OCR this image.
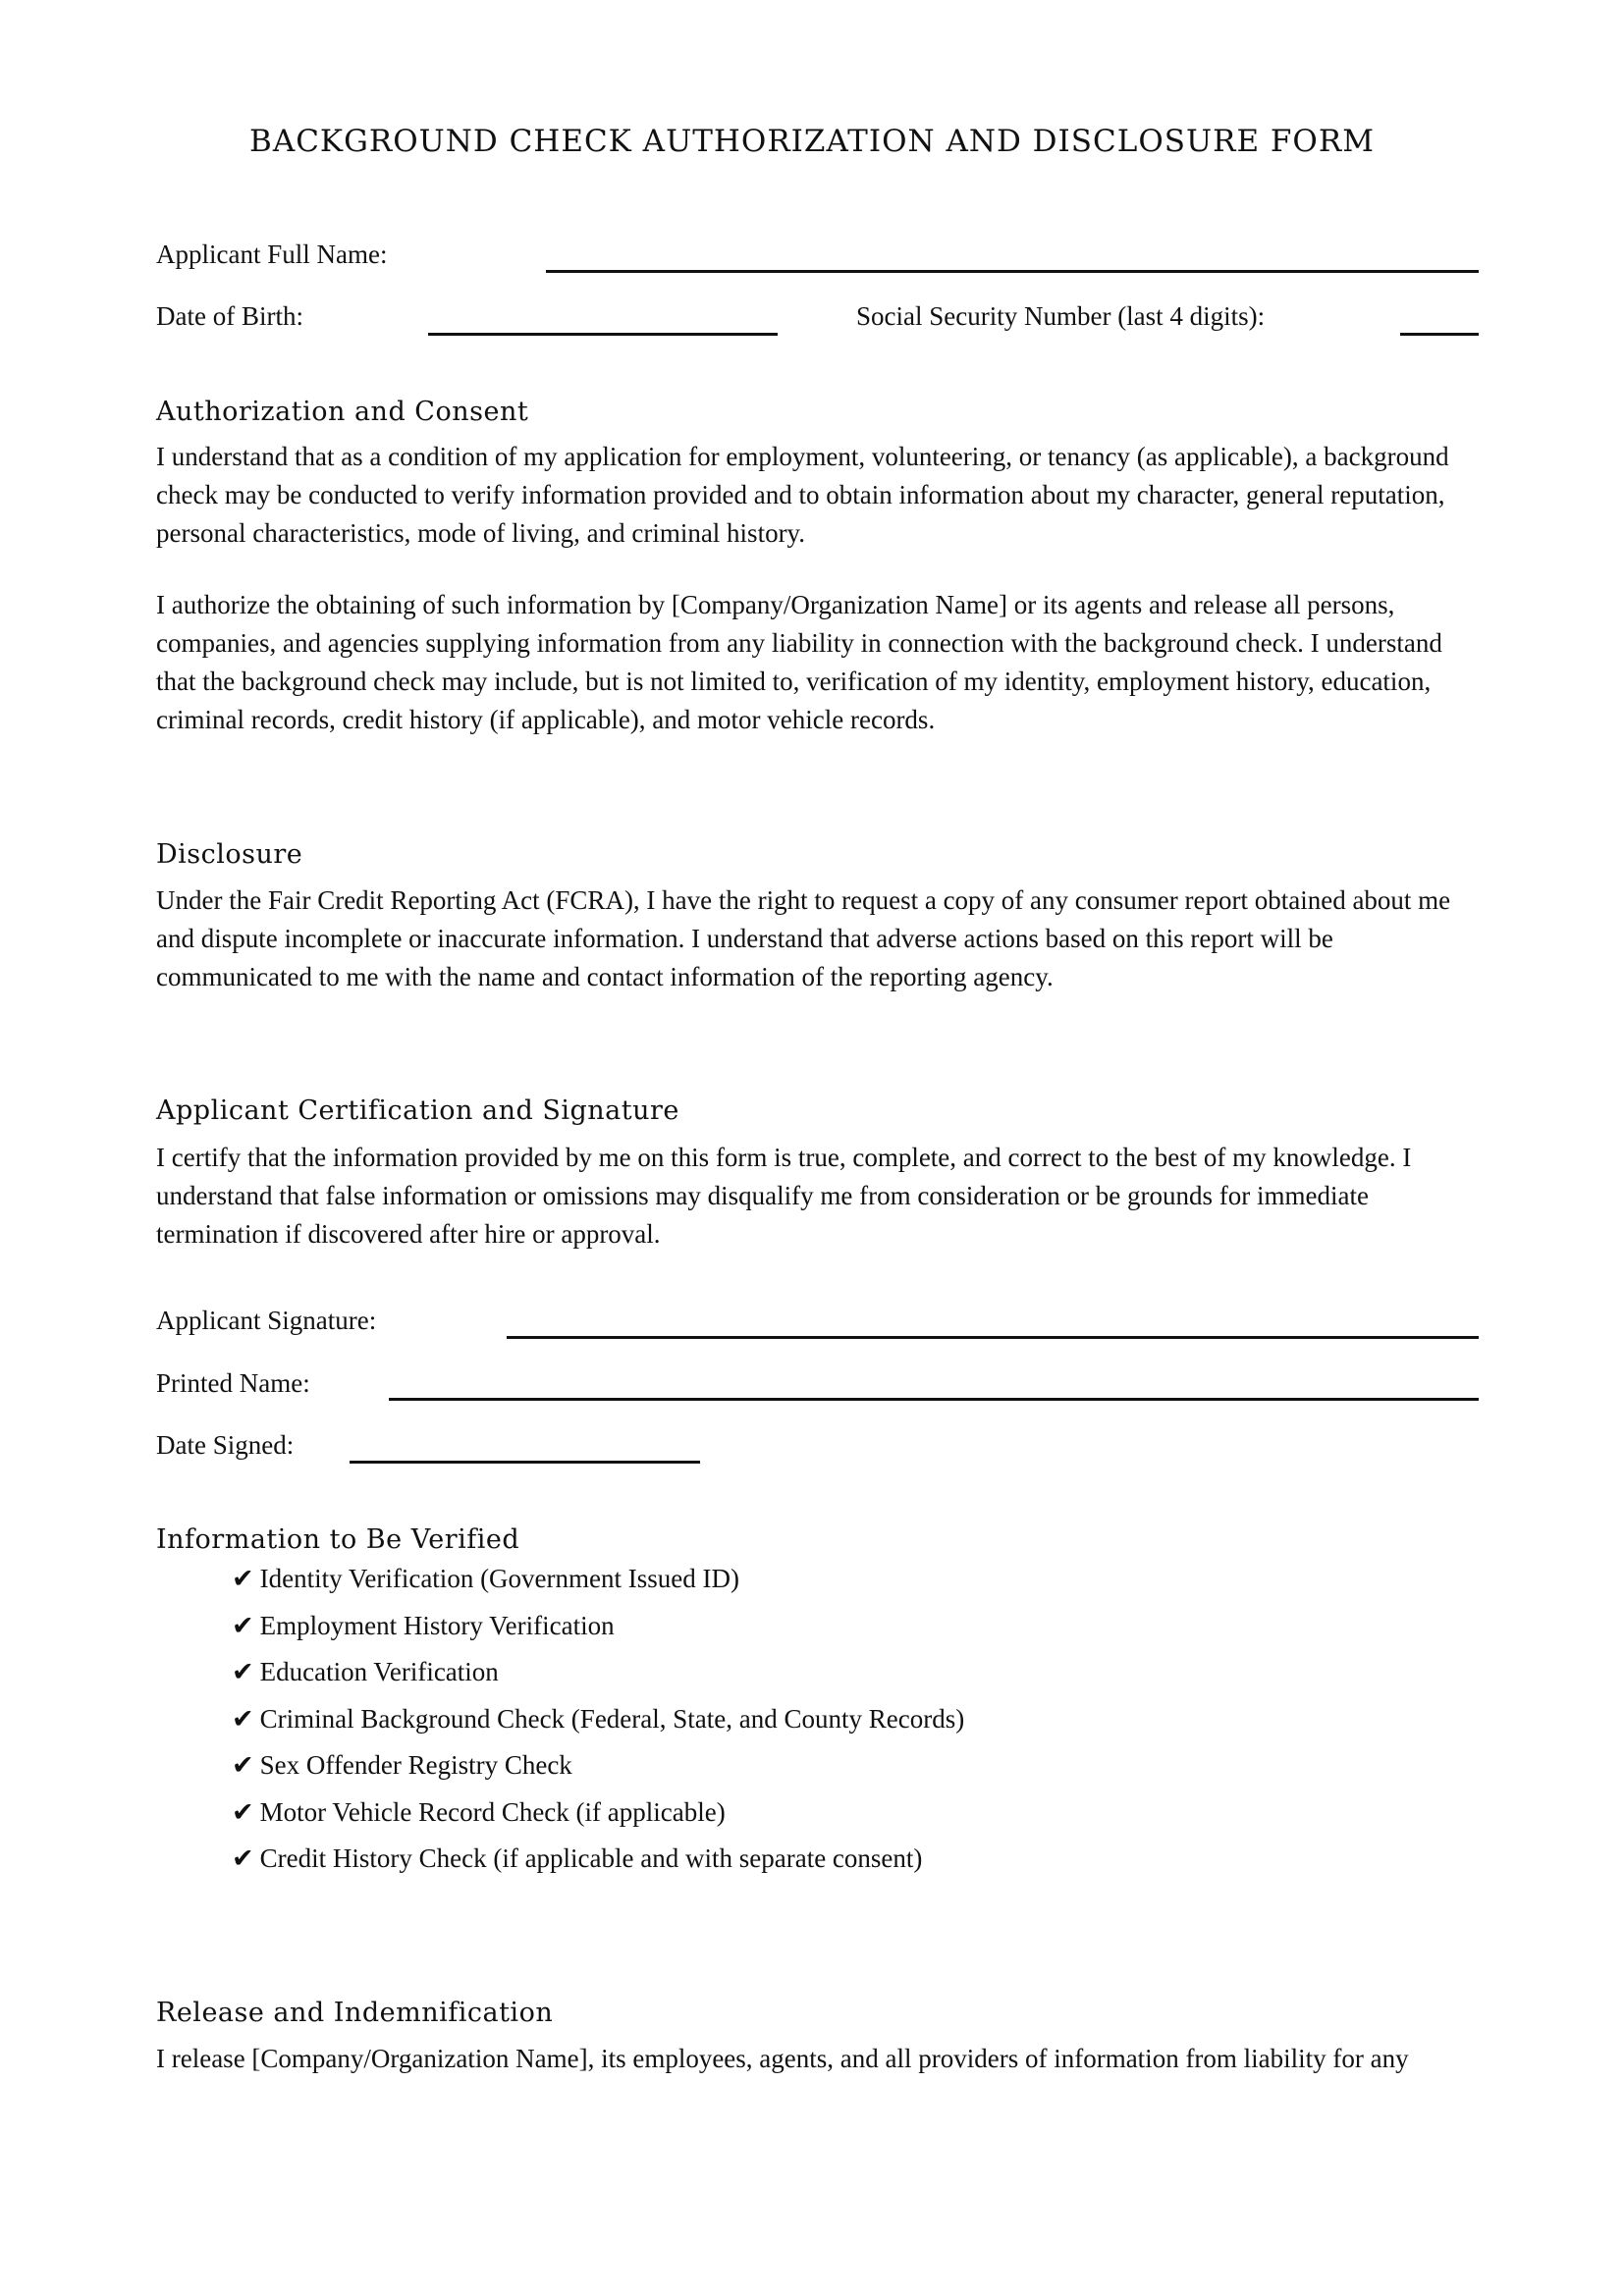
BACKGROUND CHECK AUTHORIZATION AND DISCLOSURE FORM
Applicant Full Name:
Date of Birth:	Social Security Number (last 4 digits):
Authorization and Consent

I understand that as a condition of my application for employment, volunteering, or tenancy (as applicable), a background check may be conducted to verify information provided and to obtain information about my character, general reputation, personal characteristics, mode of living, and criminal history.

I authorize the obtaining of such information by [Company/Organization Name] or its agents and release all persons, companies, and agencies supplying information from any liability in connection with the background check. I understand that the background check may include, but is not limited to, verification of my identity, employment history, education, criminal records, credit history (if applicable), and motor vehicle records.

Disclosure

Under the Fair Credit Reporting Act (FCRA), I have the right to request a copy of any consumer report obtained about me and dispute incomplete or inaccurate information. I understand that adverse actions based on this report will be communicated to me with the name and contact information of the reporting agency.

Applicant Certification and Signature

I certify that the information provided by me on this form is true, complete, and correct to the best of my knowledge. I understand that false information or omissions may disqualify me from consideration or be grounds for immediate termination if discovered after hire or approval.

Applicant Signature:
Printed Name:
Date Signed:
Information to Be Verified
✔ Identity Verification (Government Issued ID)
✔ Employment History Verification
✔ Education Verification
✔ Criminal Background Check (Federal, State, and County Records)
✔ Sex Offender Registry Check
✔ Motor Vehicle Record Check (if applicable)
✔ Credit History Check (if applicable and with separate consent)
Release and Indemnification

I release [Company/Organization Name], its employees, agents, and all providers of information from liability for any
